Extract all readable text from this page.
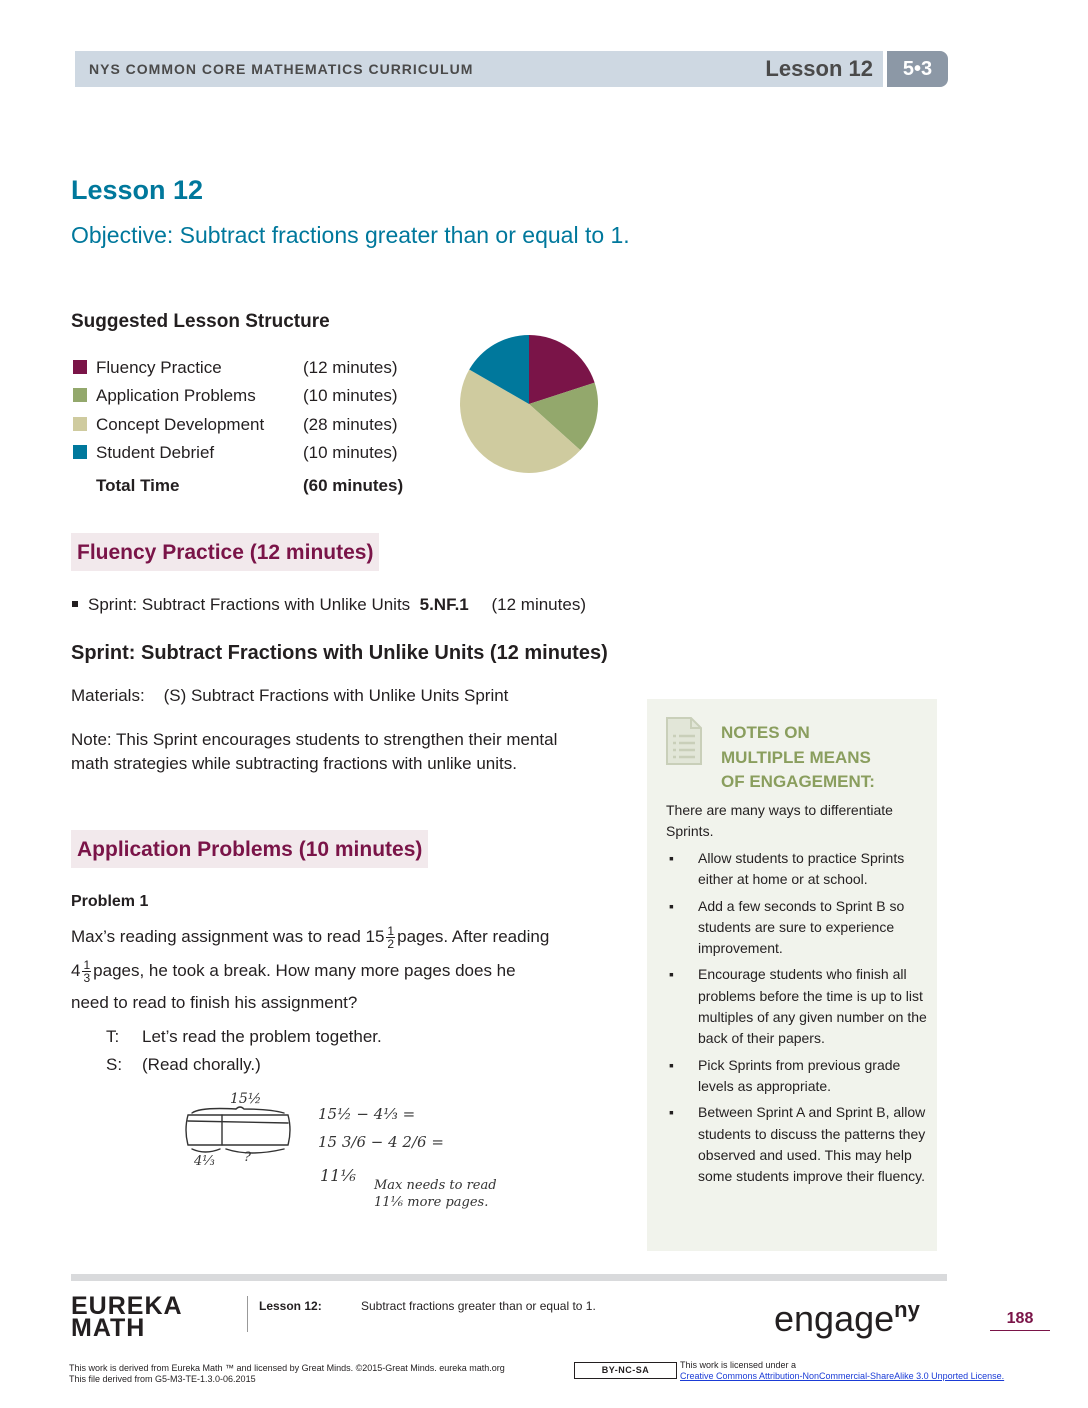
NYS COMMON CORE MATHEMATICS CURRICULUM	Lesson 12	5•3
Lesson 12
Objective: Subtract fractions greater than or equal to 1.
Suggested Lesson Structure
Fluency Practice	(12 minutes)
Application Problems	(10 minutes)
Concept Development (28 minutes)
Student Debrief	(10 minutes)
Total Time	(60 minutes)
Fluency Practice (12 minutes)
Sprint: Subtract Fractions with Unlike Units 5.NF.1 (12 minutes)
Sprint: Subtract Fractions with Unlike Units (12 minutes)
Materials:    (S) Subtract Fractions with Unlike Units Sprint
Note: This Sprint encourages students to strengthen their mental math strategies while subtracting fractions with unlike units.
Application Problems (10 minutes)
Problem 1
Max’s reading assignment was to read $15 \frac{1}{2}$ pages. After reading
$4 \frac{1}{3}$ pages, he took a break. How many more pages does he
need to read to finish his assignment?
T: Let’s read the problem together.
S: (Read chorally.)
15½
4⅓ ?
15½ − 4⅓ =
15 3/6 − 4 2/6 =
11⅙
Max needs to read
11⅙ more pages.
NOTES ON
MULTIPLE MEANS
OF ENGAGEMENT:
There are many ways to differentiate Sprints.
▪ Allow students to practice Sprints either at home or at school.
▪ Add a few seconds to Sprint B so students are sure to experience improvement.
▪ Encourage students who finish all problems before the time is up to list multiples of any given number on the back of their papers.
▪ Pick Sprints from previous grade levels as appropriate.
▪ Between Sprint A and Sprint B, allow students to discuss the patterns they observed and used. This may help some students improve their fluency.
EUREKA
MATH
Lesson 12:	Subtract fractions greater than or equal to 1.	engage$^{ny}$	188
This work is derived from Eureka Math ™ and licensed by Great Minds. ©2015-Great Minds. eureka math.org
This file derived from G5-M3-TE-1.3.0-06.2015
BY-NC-SA	This work is licensed under a
Creative Commons Attribution-NonCommercial-ShareAlike 3.0 Unported License.
